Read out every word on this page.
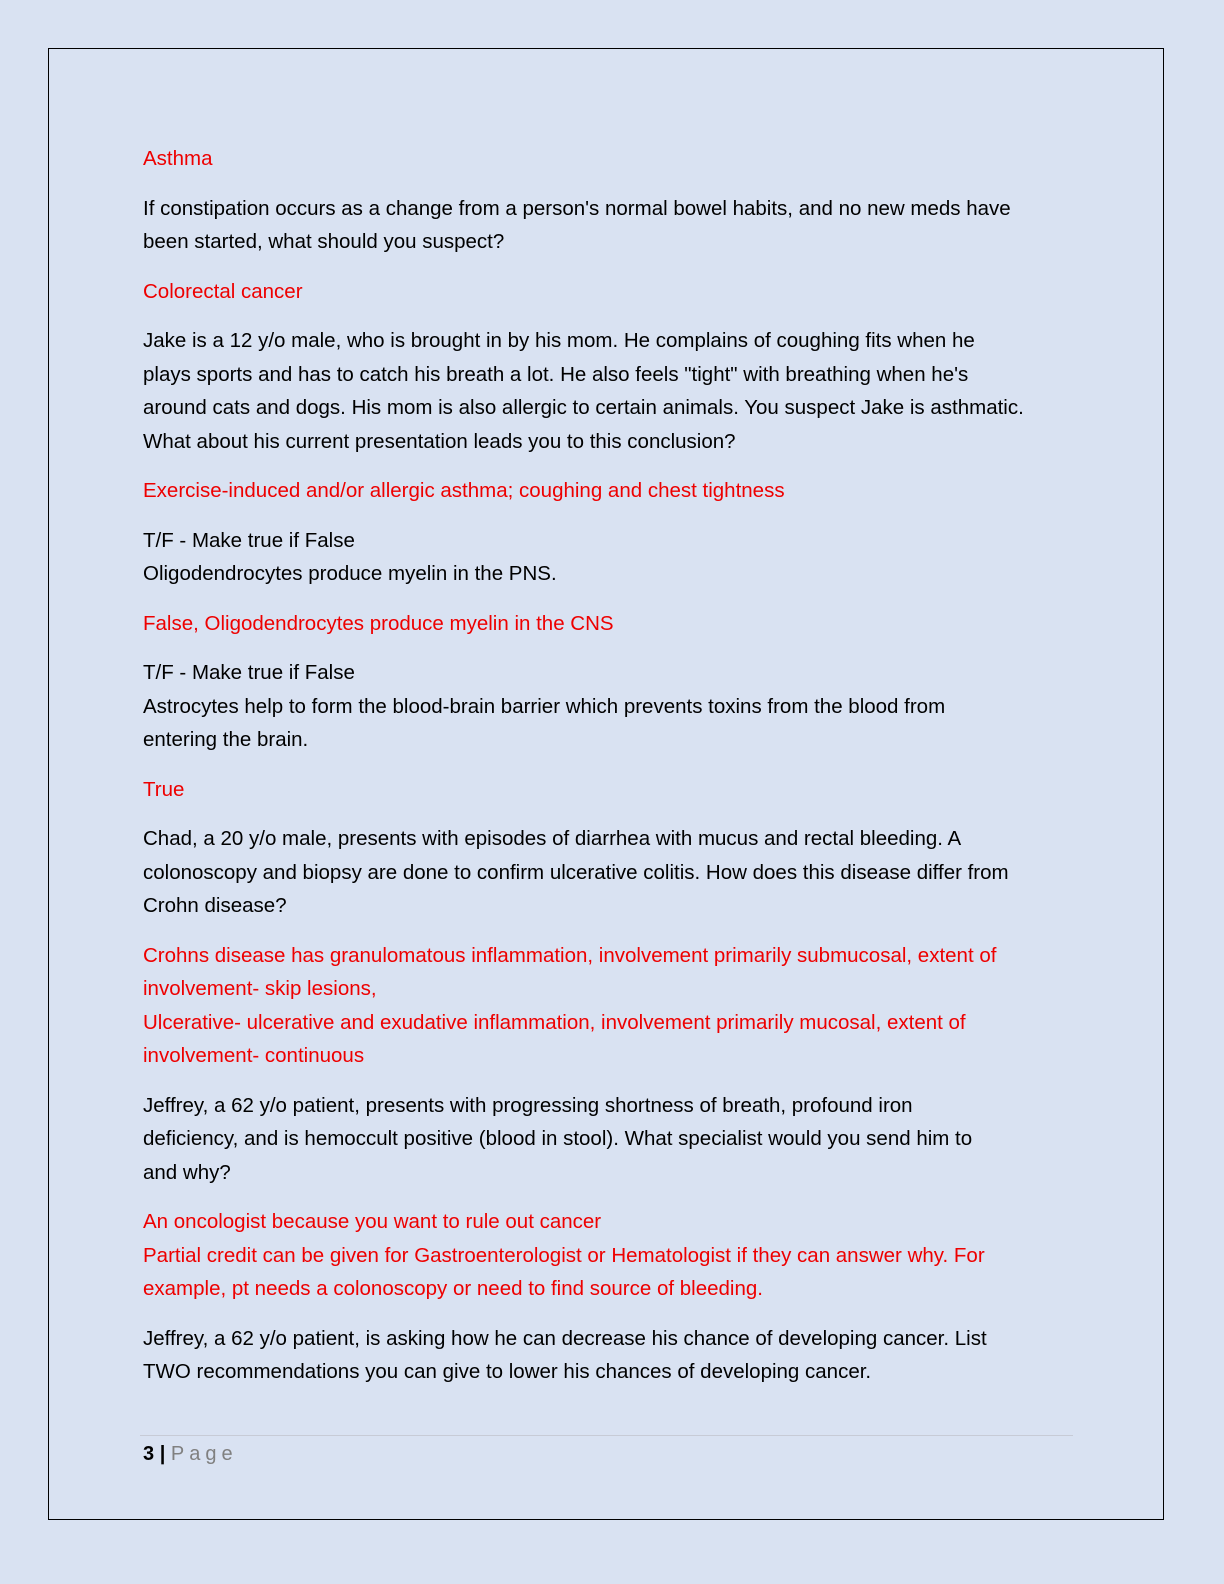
Asthma
If constipation occurs as a change from a person's normal bowel habits, and no new meds have
been started, what should you suspect?
Colorectal cancer
Jake is a 12 y/o male, who is brought in by his mom. He complains of coughing fits when he
plays sports and has to catch his breath a lot. He also feels "tight" with breathing when he's
around cats and dogs. His mom is also allergic to certain animals. You suspect Jake is asthmatic.
What about his current presentation leads you to this conclusion?
Exercise-induced and/or allergic asthma; coughing and chest tightness
T/F - Make true if False
Oligodendrocytes produce myelin in the PNS.
False, Oligodendrocytes produce myelin in the CNS
T/F - Make true if False
Astrocytes help to form the blood-brain barrier which prevents toxins from the blood from
entering the brain.
True
Chad, a 20 y/o male, presents with episodes of diarrhea with mucus and rectal bleeding. A
colonoscopy and biopsy are done to confirm ulcerative colitis. How does this disease differ from
Crohn disease?
Crohns disease has granulomatous inflammation, involvement primarily submucosal, extent of
involvement- skip lesions,
Ulcerative- ulcerative and exudative inflammation, involvement primarily mucosal, extent of
involvement- continuous
Jeffrey, a 62 y/o patient, presents with progressing shortness of breath, profound iron
deficiency, and is hemoccult positive (blood in stool). What specialist would you send him to
and why?
An oncologist because you want to rule out cancer
Partial credit can be given for Gastroenterologist or Hematologist if they can answer why. For
example, pt needs a colonoscopy or need to find source of bleeding.
Jeffrey, a 62 y/o patient, is asking how he can decrease his chance of developing cancer. List
TWO recommendations you can give to lower his chances of developing cancer.
3 | Page
